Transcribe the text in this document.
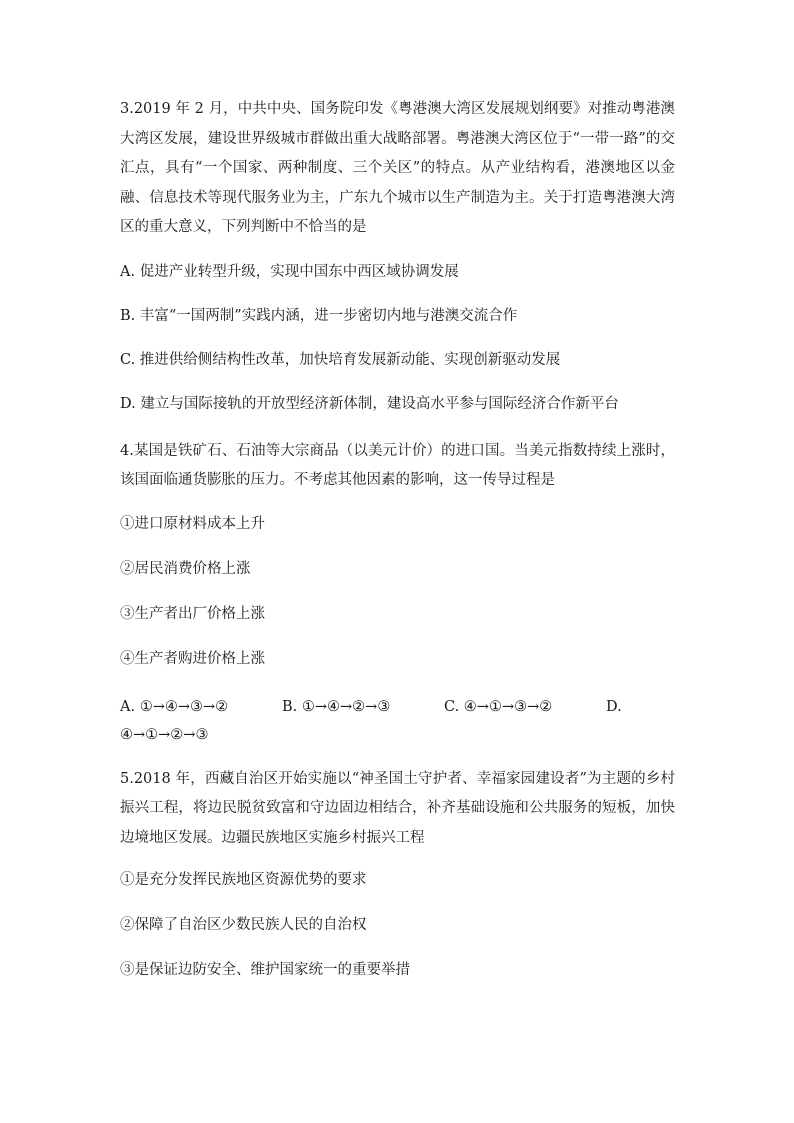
3.2019 年 2 月，中共中央、国务院印发《粤港澳大湾区发展规划纲要》对推动粤港澳大湾区发展，建设世界级城市群做出重大战略部署。粤港澳大湾区位于“一带一路”的交汇点，具有“一个国家、两种制度、三个关区”的特点。从产业结构看，港澳地区以金融、信息技术等现代服务业为主，广东九个城市以生产制造为主。关于打造粤港澳大湾区的重大意义，下列判断中不恰当的是

A. 促进产业转型升级，实现中国东中西区域协调发展

B. 丰富“一国两制”实践内涵，进一步密切内地与港澳交流合作

C. 推进供给侧结构性改革，加快培育发展新动能、实现创新驱动发展

D. 建立与国际接轨的开放型经济新体制，建设高水平参与国际经济合作新平台

4.某国是铁矿石、石油等大宗商品（以美元计价）的进口国。当美元指数持续上涨时，该国面临通货膨胀的压力。不考虑其他因素的影响，这一传导过程是

①进口原材料成本上升

②居民消费价格上涨

③生产者出厂价格上涨

④生产者购进价格上涨

A. ①→④→③→②	B. ①→④→②→③	C. ④→①→③→②	D.
④→①→②→③

5.2018 年，西藏自治区开始实施以“神圣国土守护者、幸福家园建设者”为主题的乡村振兴工程，将边民脱贫致富和守边固边相结合，补齐基础设施和公共服务的短板，加快边境地区发展。边疆民族地区实施乡村振兴工程

①是充分发挥民族地区资源优势的要求

②保障了自治区少数民族人民的自治权

③是保证边防安全、维护国家统一的重要举措
